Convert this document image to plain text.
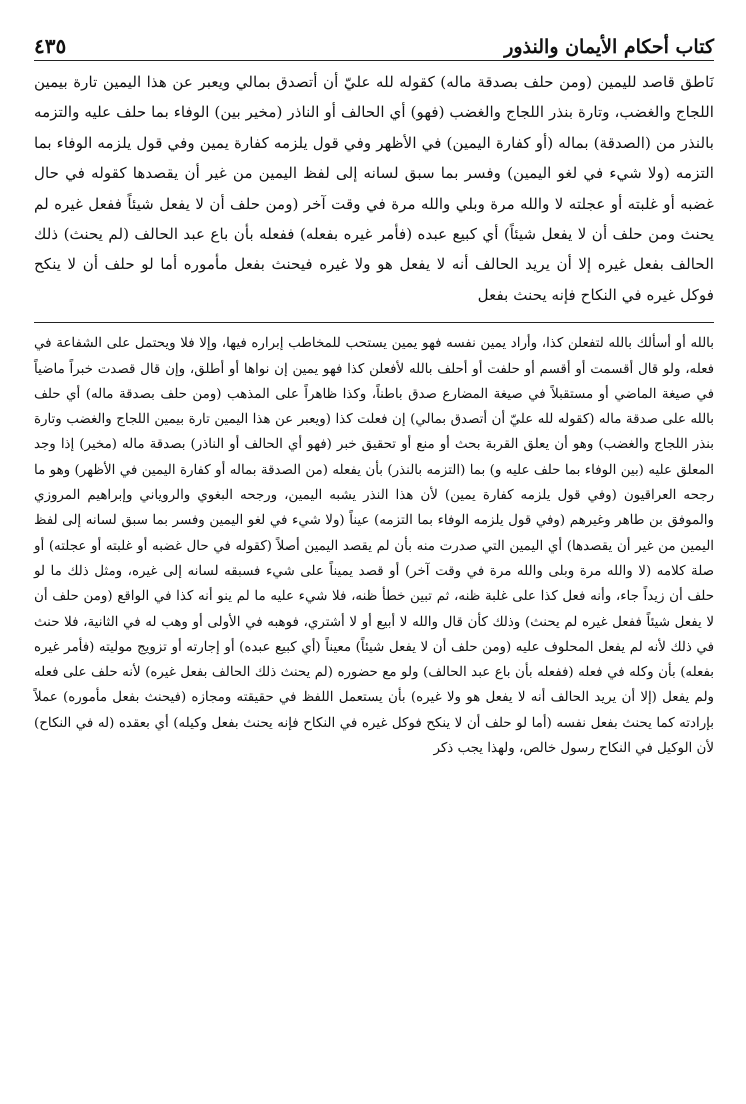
كتاب أحكام الأيمان والنذور
٤٣٥

نَاطق قاصد لليمين (ومن حلف بصدقة ماله) كقوله لله عليّ أن أتصدق بمالي ويعبر عن هذا اليمين تارة بيمين اللجاج والغضب، وتارة بنذر اللجاج والغضب (فهو) أي الحالف أو الناذر (مخير بين) الوفاء بما حلف عليه والتزمه بالنذر من (الصدقة) بماله (أو كفارة اليمين) في الأظهر وفي قول يلزمه كفارة يمين وفي قول يلزمه الوفاء بما التزمه (ولا شيء في لغو اليمين) وفسر بما سبق لسانه إلى لفظ اليمين من غير أن يقصدها كقوله في حال غضبه أو غلبته أو عجلته لا والله مرة وبلي والله مرة في وقت آخر (ومن حلف أن لا يفعل شيئاً ففعل غيره لم يحنث ومن حلف أن لا يفعل شيئاً) أي كبيع عبده (فأمر غيره بفعله) ففعله بأن باع عبد الحالف (لم يحنث) ذلك الحالف بفعل غيره إلا أن يريد الحالف أنه لا يفعل هو ولا غيره فيحنث بفعل مأموره أما لو حلف أن لا ينكح فوكل غيره في النكاح فإنه يحنث بفعل

بالله أو أسألك بالله لتفعلن كذا، وأراد يمين نفسه فهو يمين يستحب للمخاطب إبراره فيها، وإلا فلا ويحتمل على الشفاعة في فعله، ولو قال أقسمت أو أقسم أو حلفت أو أحلف بالله لأفعلن كذا فهو يمين إن نواها أو أطلق، وإن قال قصدت خبراً ماضياً في صيغة الماضي أو مستقبلاً في صيغة المضارع صدق باطناً، وكذا ظاهراً على المذهب (ومن حلف بصدقة ماله) أي حلف بالله على صدقة ماله (كقوله لله عليّ أن أتصدق بمالي) إن فعلت كذا (ويعبر عن هذا اليمين تارة بيمين اللجاج والغضب وتارة بنذر اللجاج والغضب) وهو أن يعلق القربة بحث أو منع أو تحقيق خبر (فهو أي الحالف أو الناذر) بصدقة ماله (مخير) إذا وجد المعلق عليه (بين الوفاء بما حلف عليه و) بما (التزمه بالنذر) بأن يفعله (من الصدقة بماله أو كفارة اليمين في الأظهر) وهو ما رجحه العراقيون (وفي قول يلزمه كفارة يمين) لأن هذا النذر يشبه اليمين، ورجحه البغوي والروياني وإبراهيم المروزي والموفق بن طاهر وغيرهم (وفي قول يلزمه الوفاء بما التزمه) عيناً (ولا شيء في لغو اليمين وفسر بما سبق لسانه إلى لفظ اليمين من غير أن يقصدها) أي اليمين التي صدرت منه بأن لم يقصد اليمين أصلاً (كقوله في حال غضبه أو غلبته أو عجلته) أو صلة كلامه (لا والله مرة وبلى والله مرة في وقت آخر) أو قصد يميناً على شيء فسبقه لسانه إلى غيره، ومثل ذلك ما لو حلف أن زيداً جاء، وأنه فعل كذا على غلبة ظنه، ثم تبين خطأ ظنه، فلا شيء عليه ما لم ينو أنه كذا في الواقع (ومن حلف أن لا يفعل شيئاً ففعل غيره لم يحنث) وذلك كأن قال والله لا أبيع أو لا أشتري، فوهبه في الأولى أو وهب له في الثانية، فلا حنث في ذلك لأنه لم يفعل المحلوف عليه (ومن حلف أن لا يفعل شيئاً) معيناً (أي كبيع عبده) أو إجارته أو تزويج موليته (فأمر غيره بفعله) بأن وكله في فعله (ففعله بأن باع عبد الحالف) ولو مع حضوره (لم يحنث ذلك الحالف بفعل غيره) لأنه حلف على فعله ولم يفعل (إلا أن يريد الحالف أنه لا يفعل هو ولا غيره) بأن يستعمل اللفظ في حقيقته ومجازه (فيحنث بفعل مأموره) عملاً بإرادته كما يحنث بفعل نفسه (أما لو حلف أن لا ينكح فوكل غيره في النكاح فإنه يحنث بفعل وكيله) أي بعقده (له في النكاح) لأن الوكيل في النكاح رسول خالص، ولهذا يجب ذكر
